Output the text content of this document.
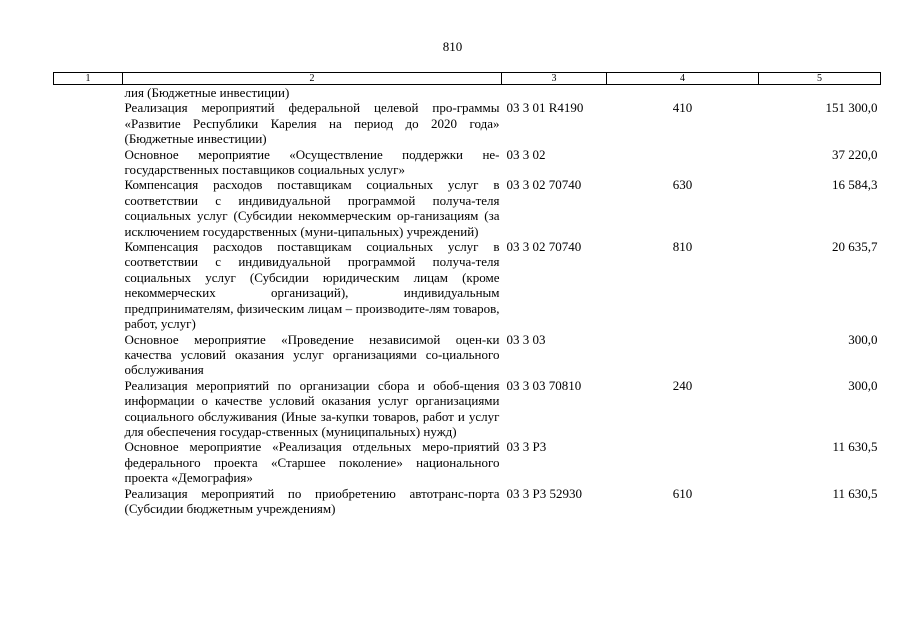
810
1	2	3	4	5
	лия (Бюджетные инвестиции)			
	Реализация мероприятий федеральной целевой про-граммы «Развитие Республики Карелия на период до 2020 года» (Бюджетные инвестиции)	03 3 01 R4190	410	151 300,0
	Основное мероприятие «Осуществление поддержки не-государственных поставщиков социальных услуг»	03 3 02		37 220,0
	Компенсация расходов поставщикам социальных услуг в соответствии с индивидуальной программой получа-теля социальных услуг (Субсидии некоммерческим ор-ганизациям (за исключением государственных (муни-ципальных) учреждений)	03 3 02 70740	630	16 584,3
	Компенсация расходов поставщикам социальных услуг в соответствии с индивидуальной программой получа-теля социальных услуг (Субсидии юридическим лицам (кроме некоммерческих организаций), индивидуальным предпринимателям, физическим лицам – производите-лям товаров, работ, услуг)	03 3 02 70740	810	20 635,7
	Основное мероприятие «Проведение независимой оцен-ки качества условий оказания услуг организациями со-циального обслуживания	03 3 03		300,0
	Реализация мероприятий по организации сбора и обоб-щения информации о качестве условий оказания услуг организациями социального обслуживания (Иные за-купки товаров, работ и услуг для обеспечения государ-ственных (муниципальных) нужд)	03 3 03 70810	240	300,0
	Основное мероприятие «Реализация отдельных меро-приятий федерального проекта «Старшее поколение» национального проекта «Демография»	03 3 P3		11 630,5
	Реализация мероприятий по приобретению автотранс-порта (Субсидии бюджетным учреждениям)	03 3 P3 52930	610	11 630,5
